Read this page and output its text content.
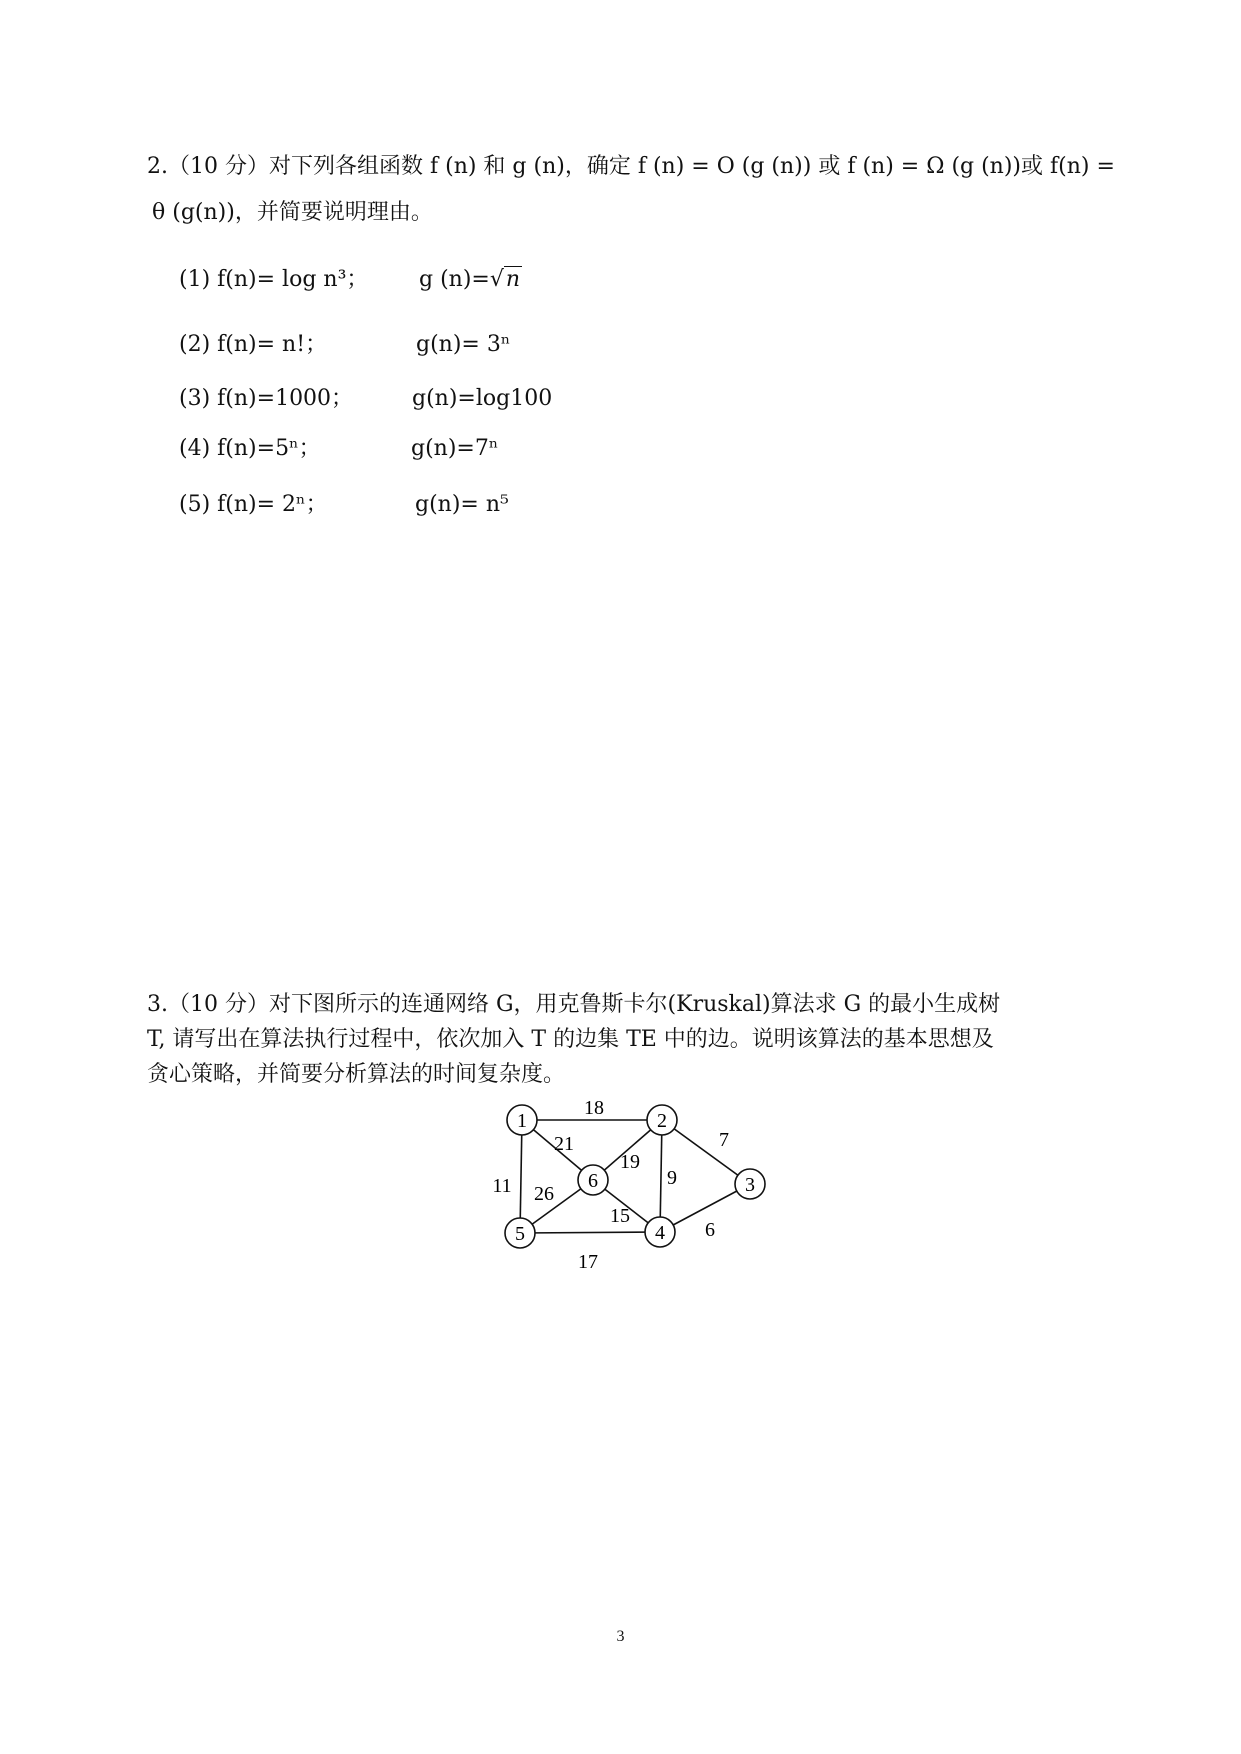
2.（10 分）对下列各组函数 f (n) 和 g (n)，确定 f (n) = O (g (n)) 或 f (n) = Ω (g (n))或 f(n) =
θ (g(n))，并简要说明理由。
(1) f(n)= log n³； g (n)=√n
(2) f(n)= n!；	g(n)= 3ⁿ
(3) f(n)=1000；	g(n)=log100
(4) f(n)=5ⁿ；	g(n)=7ⁿ
(5) f(n)= 2ⁿ；	g(n)= n⁵
3.（10 分）对下图所示的连通网络 G，用克鲁斯卡尔(Kruskal)算法求 G 的最小生成树
T, 请写出在算法执行过程中，依次加入 T 的边集 TE 中的边。说明该算法的基本思想及
贪心策略，并简要分析算法的时间复杂度。
18
21
11
19
9
7
26
15
17
6
1	2
3
4
5
6
3
